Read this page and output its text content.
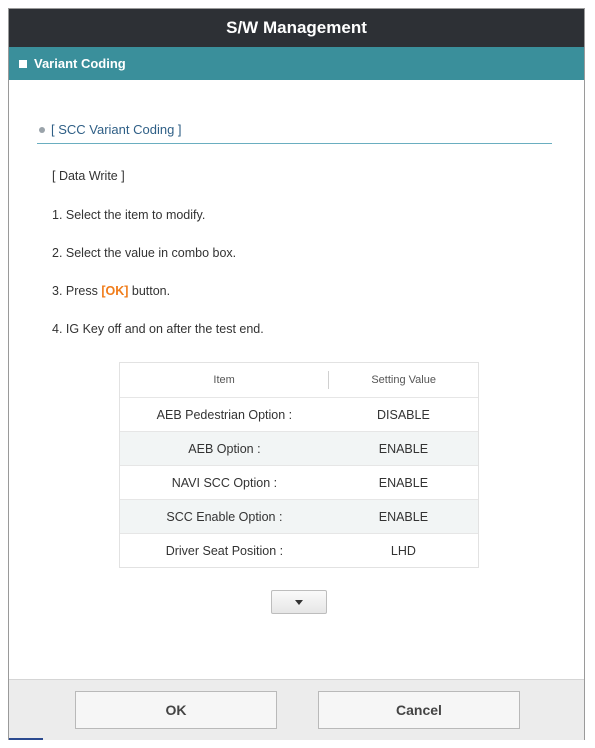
S/W Management
Variant Coding
[ SCC Variant Coding ]
[ Data Write ]
1. Select the item to modify.
2. Select the value in combo box.
3. Press [OK] button.
4. IG Key off and on after the test end.
Item	Setting Value
AEB Pedestrian Option :	DISABLE
AEB Option :	ENABLE
NAVI SCC Option :	ENABLE
SCC Enable Option :	ENABLE
Driver Seat Position :	LHD
OK	Cancel
